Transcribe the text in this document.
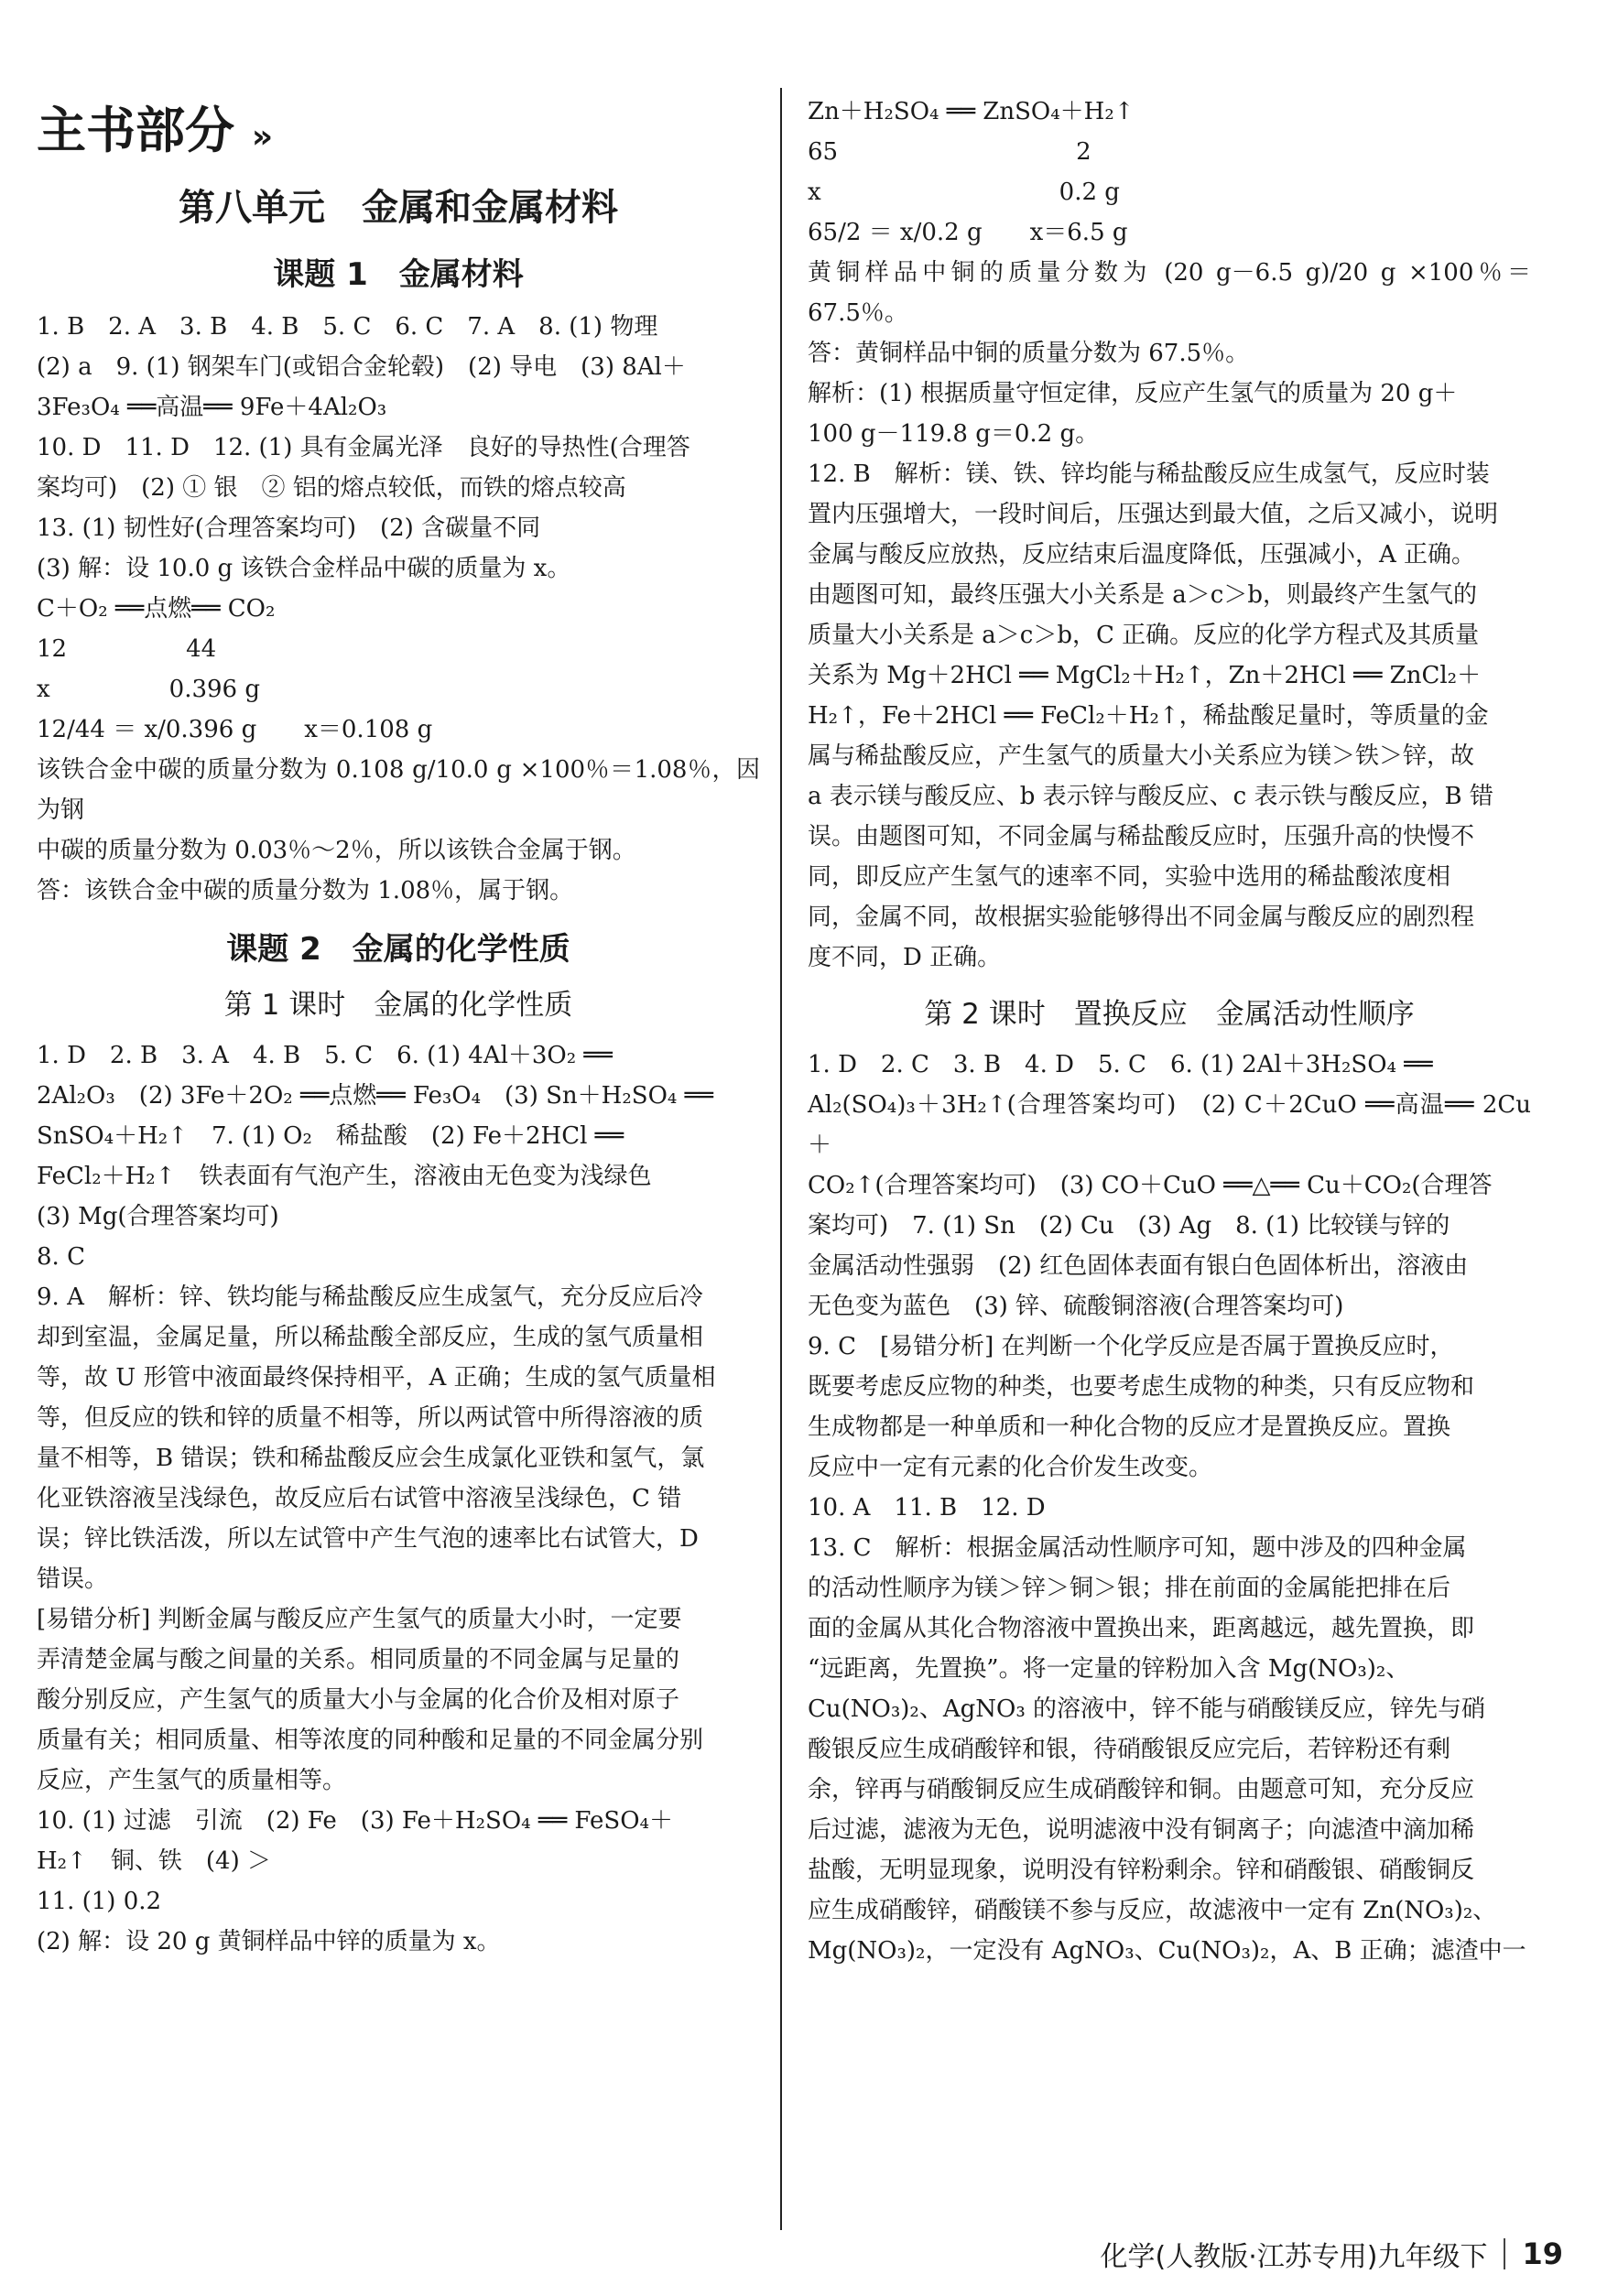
主书部分 »
第八单元　金属和金属材料
课题 1　金属材料

1. B　2. A　3. B　4. B　5. C　6. C　7. A　8. (1) 物理

(2) a　9. (1) 钢架车门(或铝合金轮毂)　(2) 导电　(3) 8Al＋

3Fe₃O₄ ══高温══ 9Fe＋4Al₂O₃

10. D　11. D　12. (1) 具有金属光泽　良好的导热性(合理答

案均可)　(2) ① 银　② 铝的熔点较低，而铁的熔点较高

13. (1) 韧性好(合理答案均可)　(2) 含碳量不同

(3) 解：设 10.0 g 该铁合金样品中碳的质量为 x。

C＋O₂ ══点燃══ CO₂

12　　　　　44

x　　　　　0.396 g

12/44 ＝ x/0.396 g　　x＝0.108 g

该铁合金中碳的质量分数为 0.108 g/10.0 g ×100％＝1.08％，因为钢

中碳的质量分数为 0.03％～2％，所以该铁合金属于钢。

答：该铁合金中碳的质量分数为 1.08％，属于钢。

课题 2　金属的化学性质
第 1 课时　金属的化学性质

1. D　2. B　3. A　4. B　5. C　6. (1) 4Al＋3O₂ ══

2Al₂O₃　(2) 3Fe＋2O₂ ══点燃══ Fe₃O₄　(3) Sn＋H₂SO₄ ══

SnSO₄＋H₂↑　7. (1) O₂　稀盐酸　(2) Fe＋2HCl ══

FeCl₂＋H₂↑　铁表面有气泡产生，溶液由无色变为浅绿色

(3) Mg(合理答案均可)

8. C

9. A　解析：锌、铁均能与稀盐酸反应生成氢气，充分反应后冷

却到室温，金属足量，所以稀盐酸全部反应，生成的氢气质量相

等，故 U 形管中液面最终保持相平，A 正确；生成的氢气质量相

等，但反应的铁和锌的质量不相等，所以两试管中所得溶液的质

量不相等，B 错误；铁和稀盐酸反应会生成氯化亚铁和氢气，氯

化亚铁溶液呈浅绿色，故反应后右试管中溶液呈浅绿色，C 错

误；锌比铁活泼，所以左试管中产生气泡的速率比右试管大，D

错误。

[易错分析] 判断金属与酸反应产生氢气的质量大小时，一定要

弄清楚金属与酸之间量的关系。相同质量的不同金属与足量的

酸分别反应，产生氢气的质量大小与金属的化合价及相对原子

质量有关；相同质量、相等浓度的同种酸和足量的不同金属分别

反应，产生氢气的质量相等。

10. (1) 过滤　引流　(2) Fe　(3) Fe＋H₂SO₄ ══ FeSO₄＋

H₂↑　铜、铁　(4) ＞

11. (1) 0.2

(2) 解：设 20 g 黄铜样品中锌的质量为 x。

Zn＋H₂SO₄ ══ ZnSO₄＋H₂↑

65　　　　　　　　　　2

x　　　　　　　　　　0.2 g

65/2 ＝ x/0.2 g　　x＝6.5 g

黄铜样品中铜的质量分数为 (20 g－6.5 g)/20 g ×100％＝67.5％。

答：黄铜样品中铜的质量分数为 67.5％。

解析：(1) 根据质量守恒定律，反应产生氢气的质量为 20 g＋

100 g－119.8 g＝0.2 g。

12. B　解析：镁、铁、锌均能与稀盐酸反应生成氢气，反应时装

置内压强增大，一段时间后，压强达到最大值，之后又减小，说明

金属与酸反应放热，反应结束后温度降低，压强减小，A 正确。

由题图可知，最终压强大小关系是 a＞c＞b，则最终产生氢气的

质量大小关系是 a＞c＞b，C 正确。反应的化学方程式及其质量

关系为 Mg＋2HCl ══ MgCl₂＋H₂↑，Zn＋2HCl ══ ZnCl₂＋

H₂↑，Fe＋2HCl ══ FeCl₂＋H₂↑，稀盐酸足量时，等质量的金

属与稀盐酸反应，产生氢气的质量大小关系应为镁＞铁＞锌，故

a 表示镁与酸反应、b 表示锌与酸反应、c 表示铁与酸反应，B 错

误。由题图可知，不同金属与稀盐酸反应时，压强升高的快慢不

同，即反应产生氢气的速率不同，实验中选用的稀盐酸浓度相

同，金属不同，故根据实验能够得出不同金属与酸反应的剧烈程

度不同，D 正确。

第 2 课时　置换反应　金属活动性顺序

1. D　2. C　3. B　4. D　5. C　6. (1) 2Al＋3H₂SO₄ ══

Al₂(SO₄)₃＋3H₂↑(合理答案均可)　(2) C＋2CuO ══高温══ 2Cu＋

CO₂↑(合理答案均可)　(3) CO＋CuO ══△══ Cu＋CO₂(合理答

案均可)　7. (1) Sn　(2) Cu　(3) Ag　8. (1) 比较镁与锌的

金属活动性强弱　(2) 红色固体表面有银白色固体析出，溶液由

无色变为蓝色　(3) 锌、硫酸铜溶液(合理答案均可)

9. C　[易错分析] 在判断一个化学反应是否属于置换反应时，

既要考虑反应物的种类，也要考虑生成物的种类，只有反应物和

生成物都是一种单质和一种化合物的反应才是置换反应。置换

反应中一定有元素的化合价发生改变。

10. A　11. B　12. D

13. C　解析：根据金属活动性顺序可知，题中涉及的四种金属

的活动性顺序为镁＞锌＞铜＞银；排在前面的金属能把排在后

面的金属从其化合物溶液中置换出来，距离越远，越先置换，即

“远距离，先置换”。将一定量的锌粉加入含 Mg(NO₃)₂、

Cu(NO₃)₂、AgNO₃ 的溶液中，锌不能与硝酸镁反应，锌先与硝

酸银反应生成硝酸锌和银，待硝酸银反应完后，若锌粉还有剩

余，锌再与硝酸铜反应生成硝酸锌和铜。由题意可知，充分反应

后过滤，滤液为无色，说明滤液中没有铜离子；向滤渣中滴加稀

盐酸，无明显现象，说明没有锌粉剩余。锌和硝酸银、硝酸铜反

应生成硝酸锌，硝酸镁不参与反应，故滤液中一定有 Zn(NO₃)₂、

Mg(NO₃)₂，一定没有 AgNO₃、Cu(NO₃)₂，A、B 正确；滤渣中一

化学(人教版·江苏专用)九年级下 19
